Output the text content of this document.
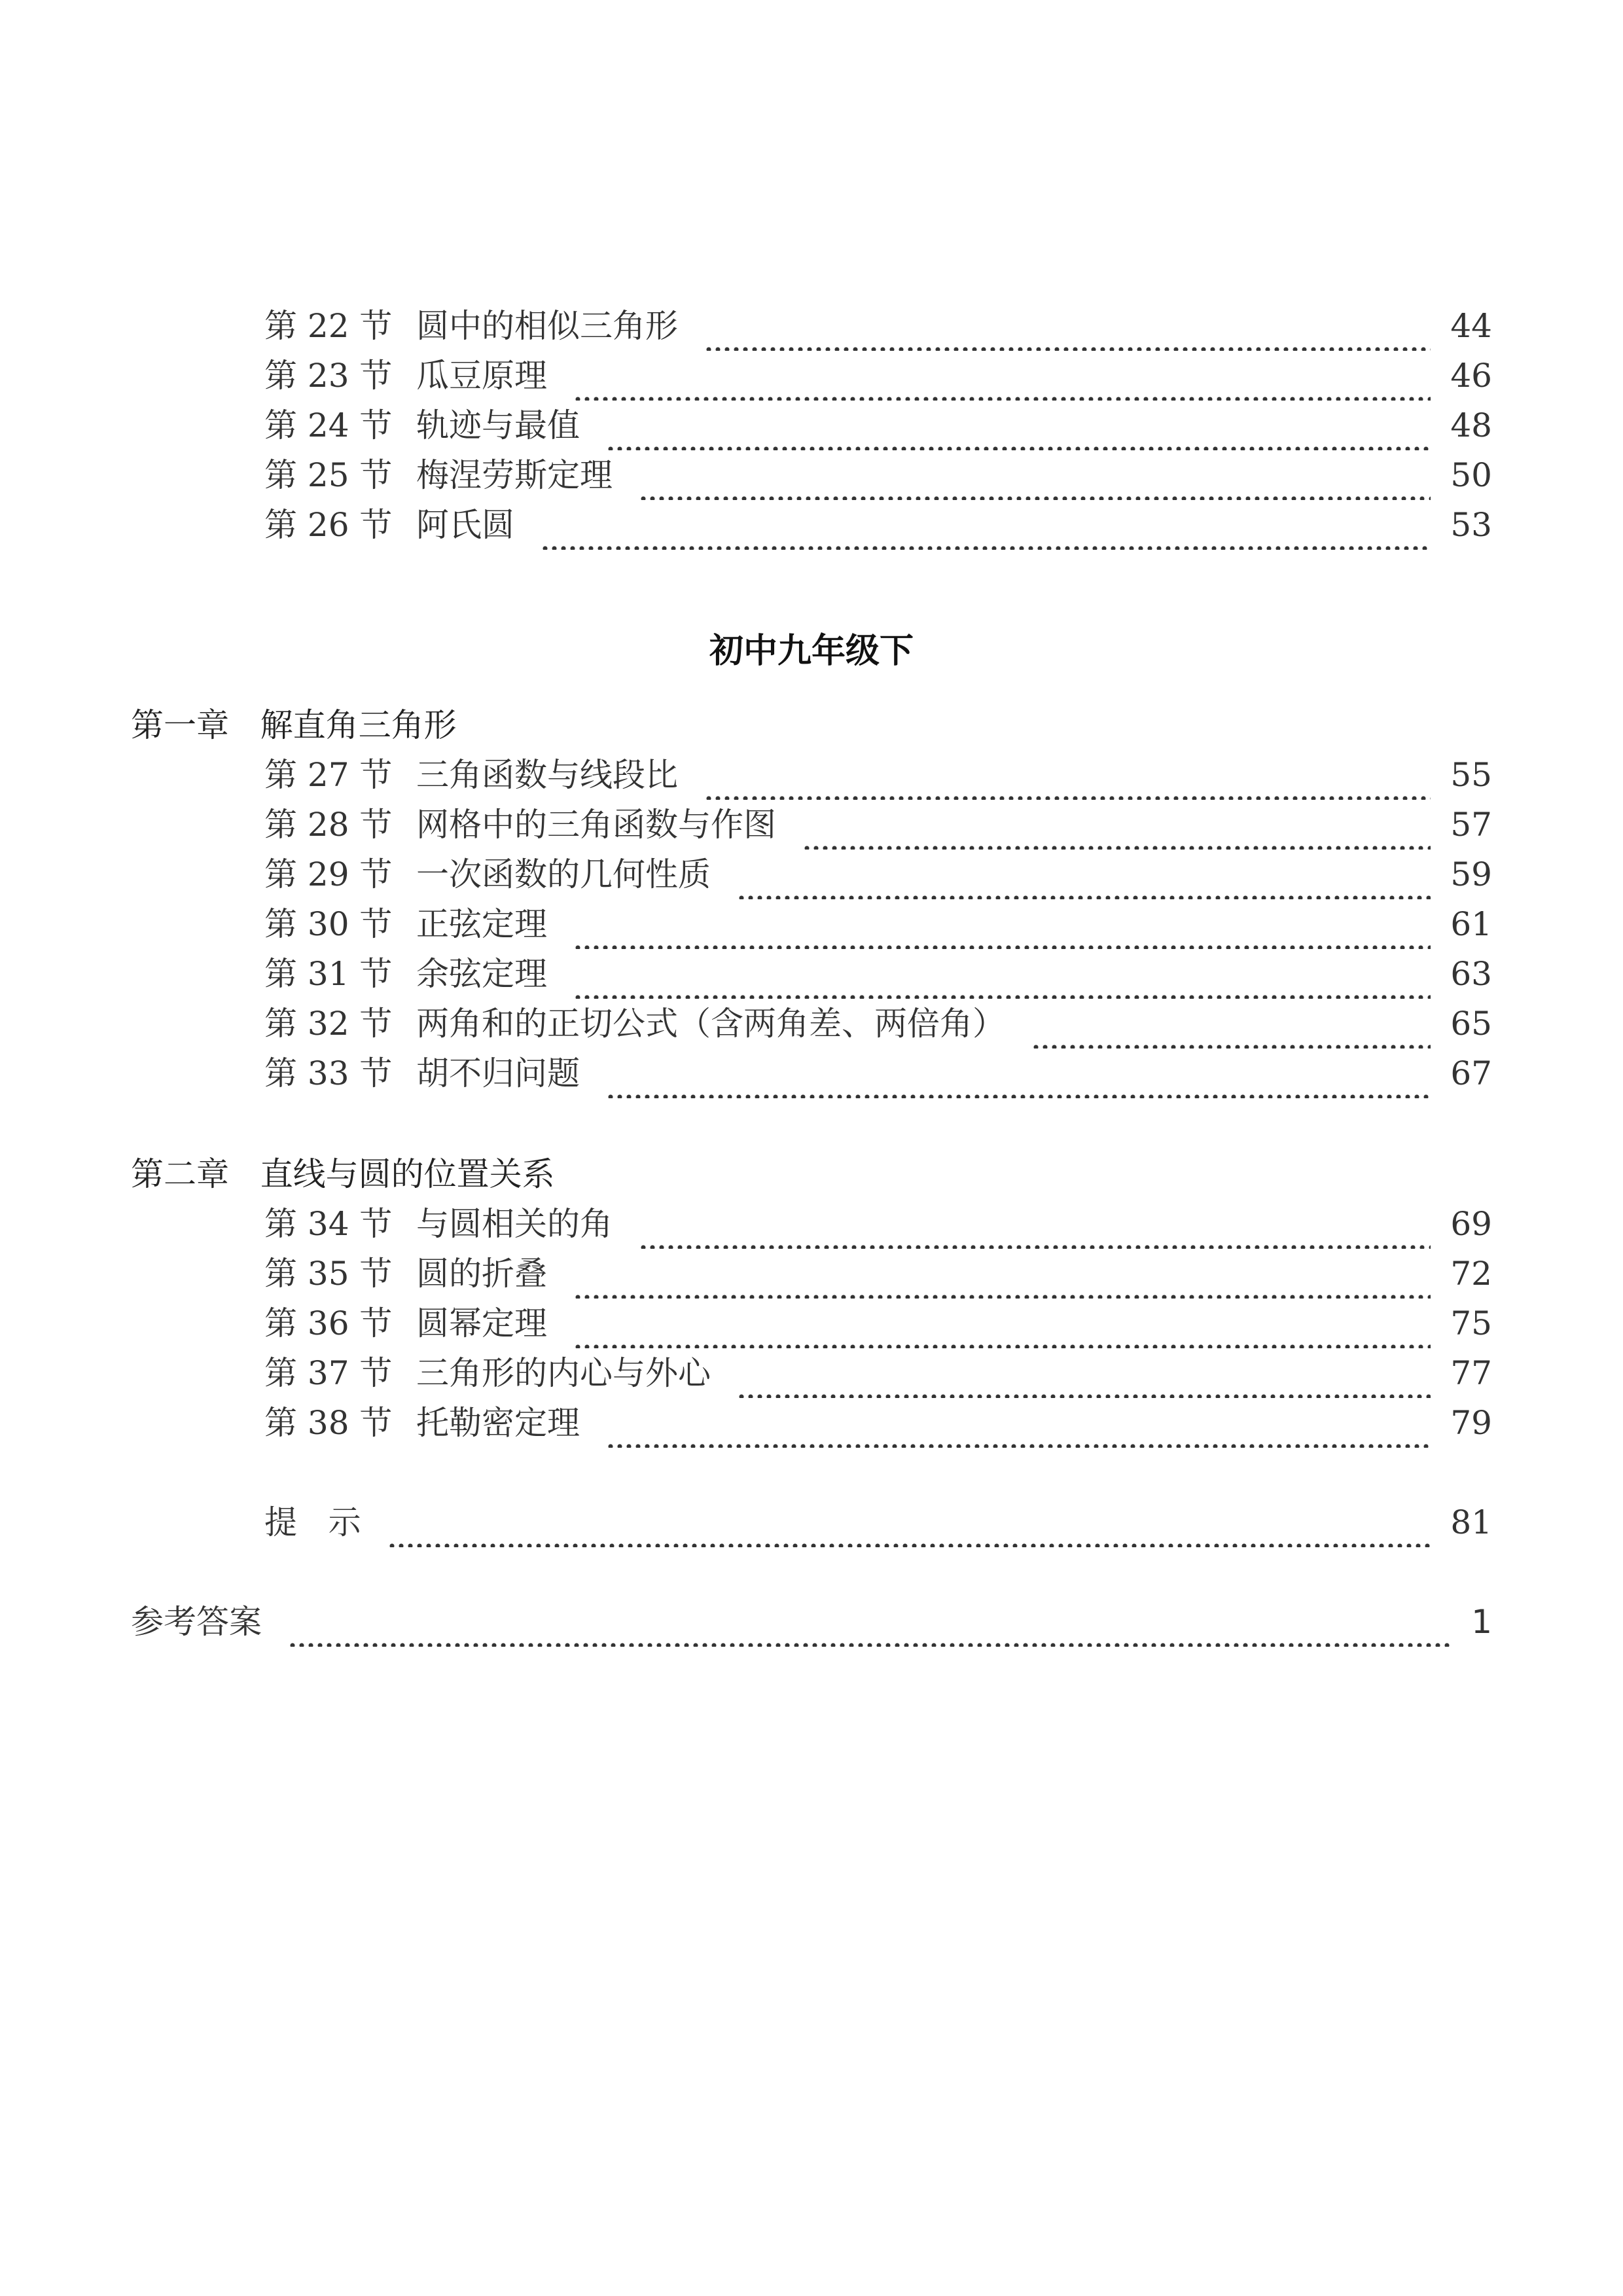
第 22 节 圆中的相似三角形	44
第 23 节 瓜豆原理	46
第 24 节 轨迹与最值	48
第 25 节 梅涅劳斯定理	50
第 26 节 阿氏圆	53
初中九年级下
第一章   解直角三角形
第 27 节 三角函数与线段比	55
第 28 节 网格中的三角函数与作图	57
第 29 节 一次函数的几何性质	59
第 30 节 正弦定理	61
第 31 节 余弦定理	63
第 32 节 两角和的正切公式（含两角差、两倍角）	65
第 33 节 胡不归问题	67
第二章   直线与圆的位置关系
第 34 节 与圆相关的角	69
第 35 节 圆的折叠	72
第 36 节 圆幂定理	75
第 37 节 三角形的内心与外心	77
第 38 节 托勒密定理	79
提   示	81
参考答案	1
